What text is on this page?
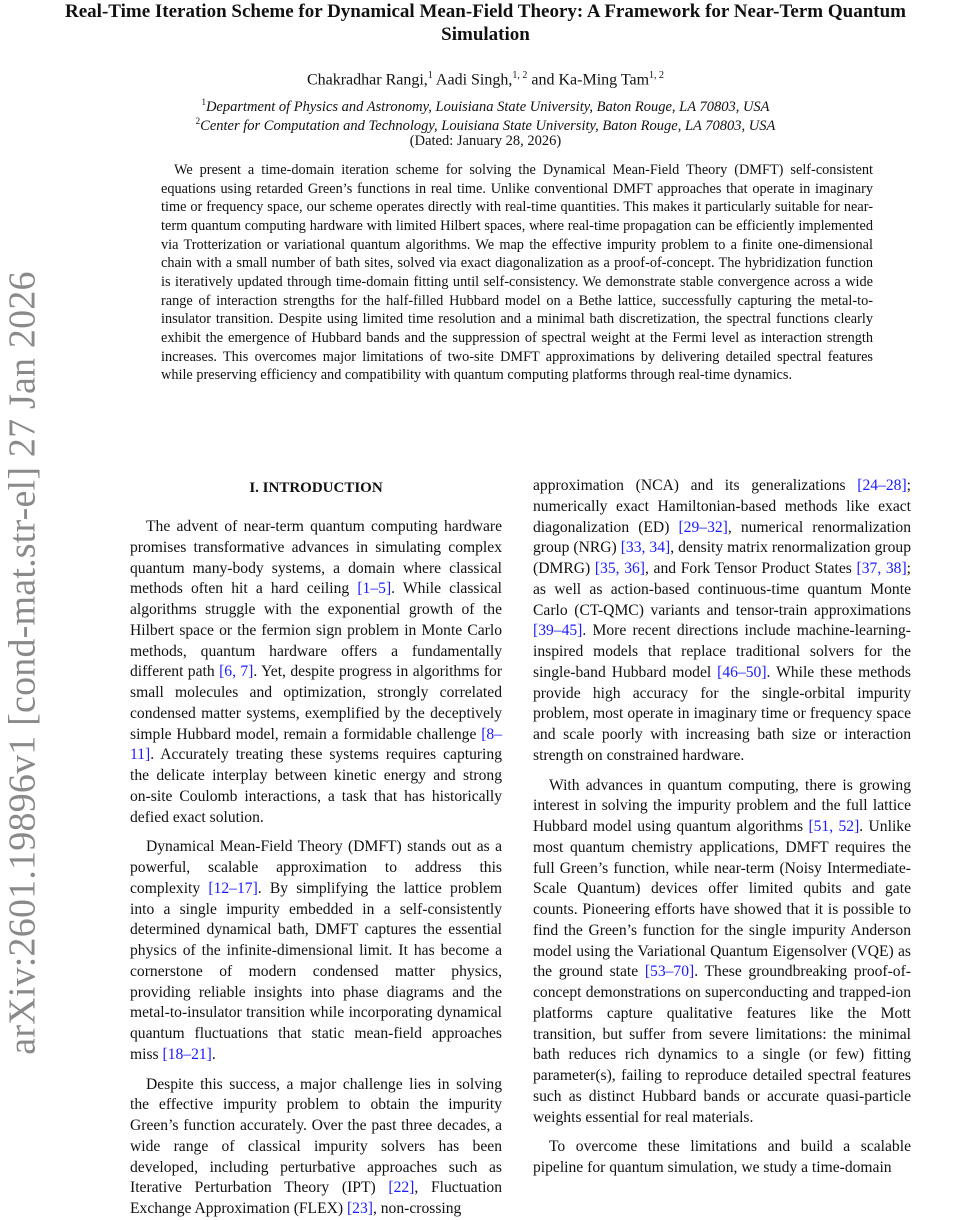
arXiv:2601.19896v1 [cond-mat.str-el] 27 Jan 2026
Real-Time Iteration Scheme for Dynamical Mean-Field Theory: A Framework for Near-Term Quantum Simulation
Chakradhar Rangi,$^1$ Aadi Singh,$^{1, 2}$ and Ka-Ming Tam$^{1, 2}$
$^1$Department of Physics and Astronomy, Louisiana State University, Baton Rouge, LA 70803, USA
$^2$Center for Computation and Technology, Louisiana State University, Baton Rouge, LA 70803, USA
(Dated: January 28, 2026)

We present a time-domain iteration scheme for solving the Dynamical Mean-Field Theory (DMFT) self-consistent equations using retarded Green’s functions in real time. Unlike conventional DMFT approaches that operate in imaginary time or frequency space, our scheme operates directly with real-time quantities. This makes it particularly suitable for near-term quantum computing hardware with limited Hilbert spaces, where real-time propagation can be efficiently implemented via Trotterization or variational quantum algorithms. We map the effective impurity problem to a finite one-dimensional chain with a small number of bath sites, solved via exact diagonalization as a proof-of-concept. The hybridization function is iteratively updated through time-domain fitting until self-consistency. We demonstrate stable convergence across a wide range of interaction strengths for the half-filled Hubbard model on a Bethe lattice, successfully capturing the metal-to-insulator transition. Despite using limited time resolution and a minimal bath discretization, the spectral functions clearly exhibit the emergence of Hubbard bands and the suppression of spectral weight at the Fermi level as interaction strength increases. This overcomes major limitations of two-site DMFT approximations by delivering detailed spectral features while preserving efficiency and compatibility with quantum computing platforms through real-time dynamics.

I. INTRODUCTION

The advent of near-term quantum computing hardware promises transformative advances in simulating complex quantum many-body systems, a domain where classical methods often hit a hard ceiling [1–5]. While classical algorithms struggle with the exponential growth of the Hilbert space or the fermion sign problem in Monte Carlo methods, quantum hardware offers a fundamentally different path [6, 7]. Yet, despite progress in algorithms for small molecules and optimization, strongly correlated condensed matter systems, exemplified by the deceptively simple Hubbard model, remain a formidable challenge [8–11]. Accurately treating these systems requires capturing the delicate interplay between kinetic energy and strong on-site Coulomb interactions, a task that has historically defied exact solution.

Dynamical Mean-Field Theory (DMFT) stands out as a powerful, scalable approximation to address this complexity [12–17]. By simplifying the lattice problem into a single impurity embedded in a self-consistently determined dynamical bath, DMFT captures the essential physics of the infinite-dimensional limit. It has become a cornerstone of modern condensed matter physics, providing reliable insights into phase diagrams and the metal-to-insulator transition while incorporating dynamical quantum fluctuations that static mean-field approaches miss [18–21].

Despite this success, a major challenge lies in solving the effective impurity problem to obtain the impurity Green’s function accurately. Over the past three decades, a wide range of classical impurity solvers has been developed, including perturbative approaches such as Iterative Perturbation Theory (IPT) [22], Fluctuation Exchange Approximation (FLEX) [23], non-crossing

approximation (NCA) and its generalizations [24–28]; numerically exact Hamiltonian-based methods like exact diagonalization (ED) [29–32], numerical renormalization group (NRG) [33, 34], density matrix renormalization group (DMRG) [35, 36], and Fork Tensor Product States [37, 38]; as well as action-based continuous-time quantum Monte Carlo (CT-QMC) variants and tensor-train approximations [39–45]. More recent directions include machine-learning-inspired models that replace traditional solvers for the single-band Hubbard model [46–50]. While these methods provide high accuracy for the single-orbital impurity problem, most operate in imaginary time or frequency space and scale poorly with increasing bath size or interaction strength on constrained hardware.

With advances in quantum computing, there is growing interest in solving the impurity problem and the full lattice Hubbard model using quantum algorithms [51, 52]. Unlike most quantum chemistry applications, DMFT requires the full Green’s function, while near-term (Noisy Intermediate-Scale Quantum) devices offer limited qubits and gate counts. Pioneering efforts have showed that it is possible to find the Green’s function for the single impurity Anderson model using the Variational Quantum Eigensolver (VQE) as the ground state [53–70]. These groundbreaking proof-of-concept demonstrations on superconducting and trapped-ion platforms capture qualitative features like the Mott transition, but suffer from severe limitations: the minimal bath reduces rich dynamics to a single (or few) fitting parameter(s), failing to reproduce detailed spectral features such as distinct Hubbard bands or accurate quasi-particle weights essential for real materials.

To overcome these limitations and build a scalable pipeline for quantum simulation, we study a time-domain
